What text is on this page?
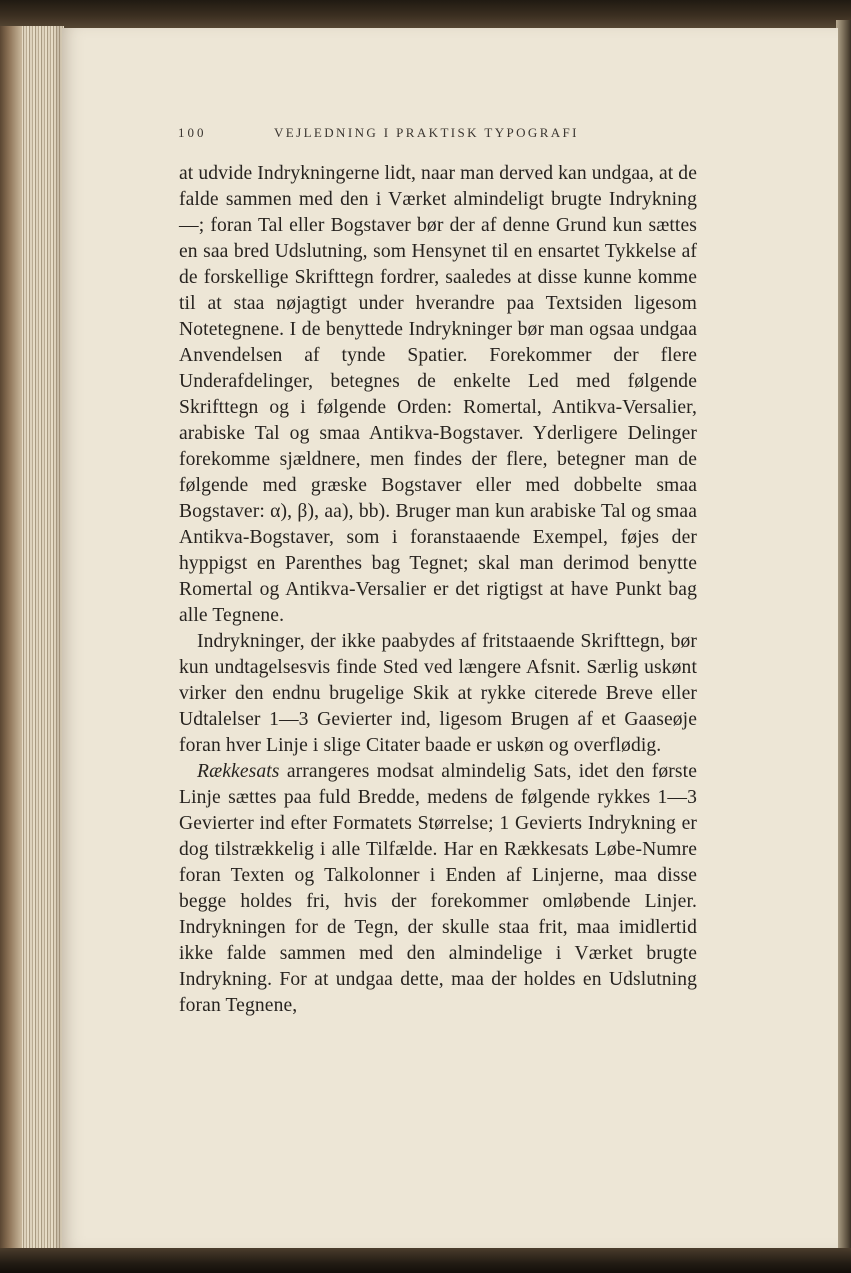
100	VEJLEDNING I PRAKTISK TYPOGRAFI

at udvide Indrykningerne lidt, naar man derved kan undgaa, at de falde sammen med den i Værket almindeligt brugte Indrykning —; foran Tal eller Bogstaver bør der af denne Grund kun sættes en saa bred Udslutning, som Hensynet til en ensartet Tykkelse af de forskellige Skrifttegn fordrer, saaledes at disse kunne komme til at staa nøjagtigt under hverandre paa Textsiden ligesom Notetegnene. I de benyttede Indrykninger bør man ogsaa undgaa Anvendelsen af tynde Spatier. Forekommer der flere Underafdelinger, betegnes de enkelte Led med følgende Skrifttegn og i følgende Orden: Romertal, Antikva-Versalier, arabiske Tal og smaa Antikva-Bogstaver. Yderligere Delinger forekomme sjældnere, men findes der flere, betegner man de følgende med græske Bogstaver eller med dobbelte smaa Bogstaver: α), β), aa), bb). Bruger man kun arabiske Tal og smaa Antikva-Bogstaver, som i foranstaaende Exempel, føjes der hyppigst en Parenthes bag Tegnet; skal man derimod benytte Romertal og Antikva-Versalier er det rigtigst at have Punkt bag alle Tegnene.

Indrykninger, der ikke paabydes af fritstaaende Skrifttegn, bør kun undtagelsesvis finde Sted ved længere Afsnit. Særlig uskønt virker den endnu brugelige Skik at rykke citerede Breve eller Udtalelser 1—3 Gevierter ind, ligesom Brugen af et Gaaseøje foran hver Linje i slige Citater baade er uskøn og overflødig.

Rækkesats arrangeres modsat almindelig Sats, idet den første Linje sættes paa fuld Bredde, medens de følgende rykkes 1—3 Gevierter ind efter Formatets Størrelse; 1 Gevierts Indrykning er dog tilstrækkelig i alle Tilfælde. Har en Rækkesats Løbe-Numre foran Texten og Talkolonner i Enden af Linjerne, maa disse begge holdes fri, hvis der forekommer omløbende Linjer. Indrykningen for de Tegn, der skulle staa frit, maa imidlertid ikke falde sammen med den almindelige i Værket brugte Indrykning. For at undgaa dette, maa der holdes en Udslutning foran Tegnene,
